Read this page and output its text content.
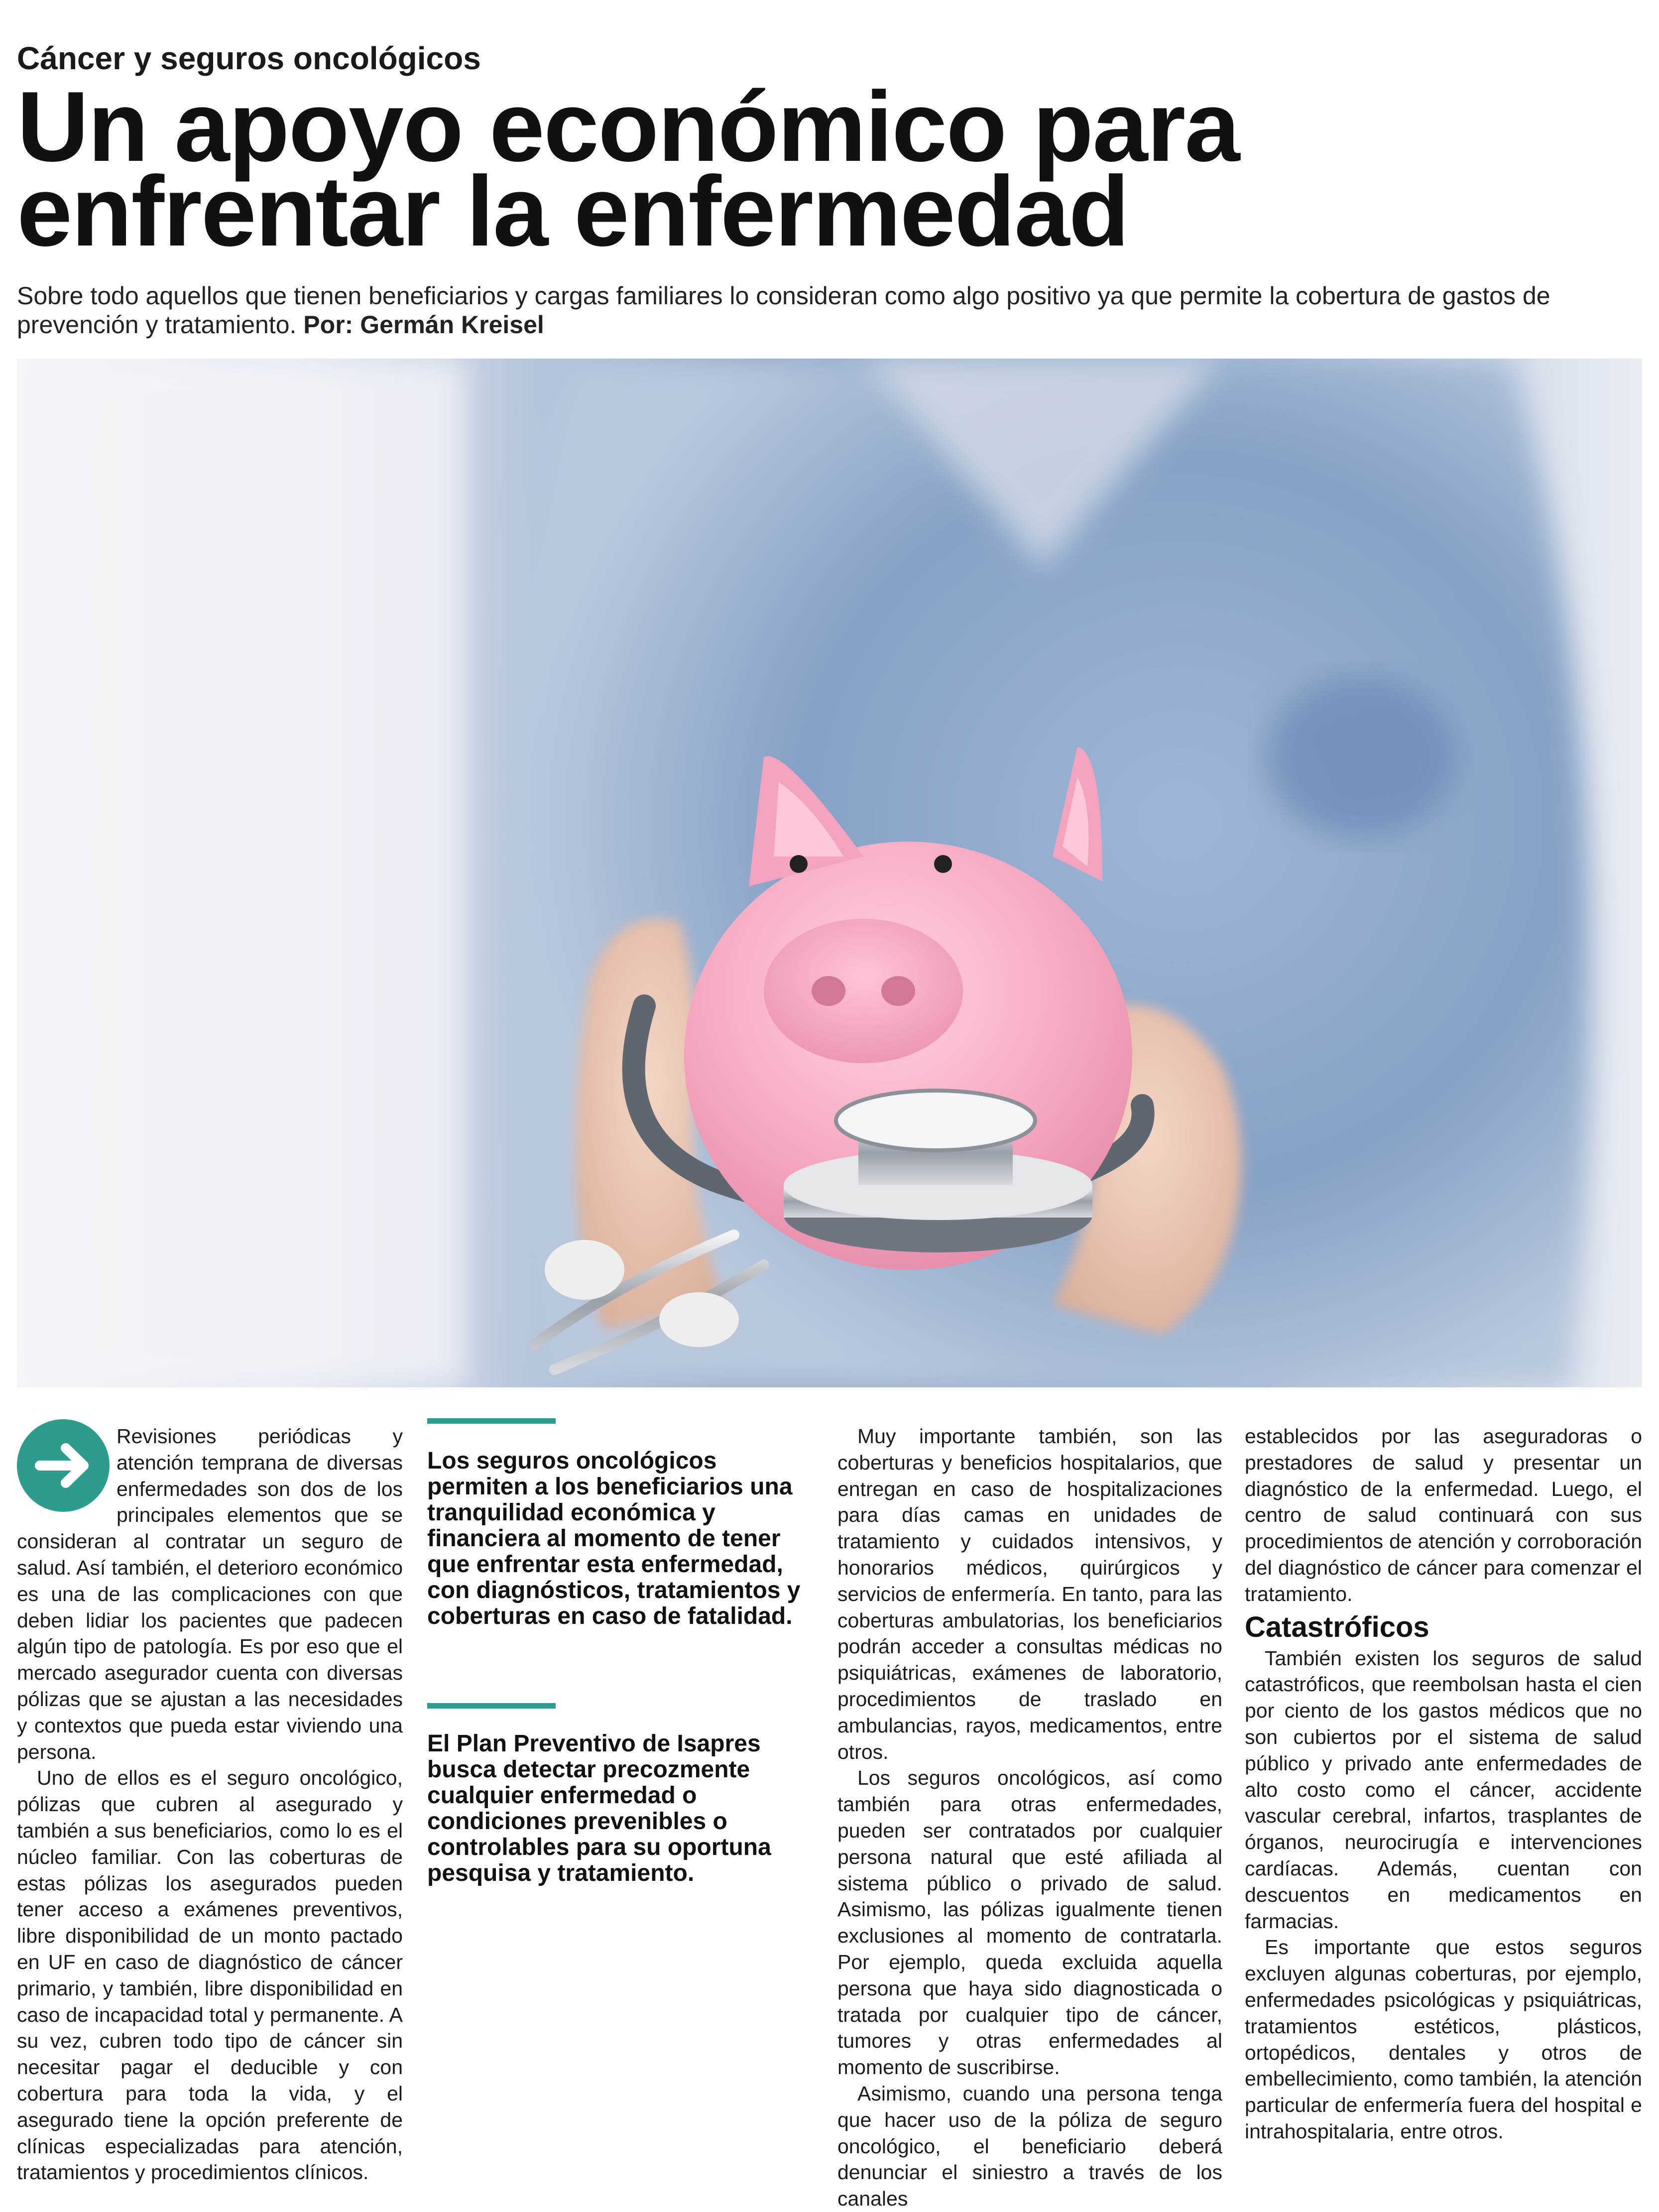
Cáncer y seguros oncológicos
Un apoyo económico para
enfrentar la enfermedad
Sobre todo aquellos que tienen beneficiarios y cargas familiares lo consideran como algo positivo ya que permite la cobertura de gastos de prevención y tratamiento. Por: Germán Kreisel

Revisiones periódicas y atención temprana de diversas enfermedades son dos de los principales elementos que se consideran al contratar un seguro de salud. Así también, el deterioro económico es una de las complicaciones con que deben lidiar los pacientes que padecen algún tipo de patología. Es por eso que el mercado asegurador cuenta con diversas pólizas que se ajustan a las necesidades y contextos que pueda estar viviendo una persona.

Uno de ellos es el seguro oncológico, pólizas que cubren al asegurado y también a sus beneficiarios, como lo es el núcleo familiar. Con las coberturas de estas pólizas los asegurados pueden tener acceso a exámenes preventivos, libre disponibilidad de un monto pactado en UF en caso de diagnóstico de cáncer primario, y también, libre disponibilidad en caso de incapacidad total y permanente. A su vez, cubren todo tipo de cáncer sin necesitar pagar el deducible y con cobertura para toda la vida, y el asegurado tiene la opción preferente de clínicas especializadas para atención, tratamientos y procedimientos clínicos.

Los seguros oncológicos permiten a los beneficiarios una tranquilidad económica y financiera al momento de tener que enfrentar esta enfermedad, con diagnósticos, tratamientos y coberturas en caso de fatalidad.
El Plan Preventivo de Isapres busca detectar precozmente cualquier enfermedad o condiciones prevenibles o controlables para su oportuna pesquisa y tratamiento.

Muy importante también, son las coberturas y beneficios hospitalarios, que entregan en caso de hospitalizaciones para días camas en unidades de tratamiento y cuidados intensivos, y honorarios médicos, quirúrgicos y servicios de enfermería. En tanto, para las coberturas ambulatorias, los beneficiarios podrán acceder a consultas médicas no psiquiátricas, exámenes de laboratorio, procedimientos de traslado en ambulancias, rayos, medicamentos, entre otros.

Los seguros oncológicos, así como también para otras enfermedades, pueden ser contratados por cualquier persona natural que esté afiliada al sistema público o privado de salud. Asimismo, las pólizas igualmente tienen exclusiones al momento de contratarla. Por ejemplo, queda excluida aquella persona que haya sido diagnosticada o tratada por cualquier tipo de cáncer, tumores y otras enfermedades al momento de suscribirse.

Asimismo, cuando una persona tenga que hacer uso de la póliza de seguro oncológico, el beneficiario deberá denunciar el siniestro a través de los canales

establecidos por las aseguradoras o prestadores de salud y presentar un diagnóstico de la enfermedad. Luego, el centro de salud continuará con sus procedimientos de atención y corroboración del diagnóstico de cáncer para comenzar el tratamiento.

Catastróficos

También existen los seguros de salud catastróficos, que reembolsan hasta el cien por ciento de los gastos médicos que no son cubiertos por el sistema de salud público y privado ante enfermedades de alto costo como el cáncer, accidente vascular cerebral, infartos, trasplantes de órganos, neurocirugía e intervenciones cardíacas. Además, cuentan con descuentos en medicamentos en farmacias.

Es importante que estos seguros excluyen algunas coberturas, por ejemplo, enfermedades psicológicas y psiquiátricas, tratamientos estéticos, plásticos, ortopédicos, dentales y otros de embellecimiento, como también, la atención particular de enfermería fuera del hospital e intrahospitalaria, entre otros.
